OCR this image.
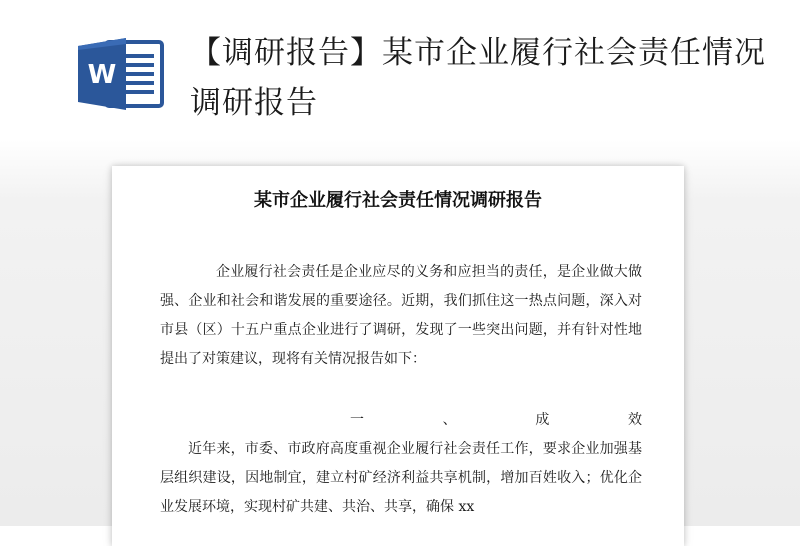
W
【调研报告】某市企业履行社会责任情况调研报告
某市企业履行社会责任情况调研报告

企业履行社会责任是企业应尽的义务和应担当的责任，是企业做大做强、企业和社会和谐发展的重要途径。近期，我们抓住这一热点问题，深入对市县（区）十五户重点企业进行了调研，发现了一些突出问题，并有针对性地提出了对策建议，现将有关情况报告如下：

一	、	成	效

近年来，市委、市政府高度重视企业履行社会责任工作，要求企业加强基层组织建设，因地制宜，建立村矿经济利益共享机制，增加百姓收入；优化企业发展环境，实现村矿共建、共治、共享，确保 xx
